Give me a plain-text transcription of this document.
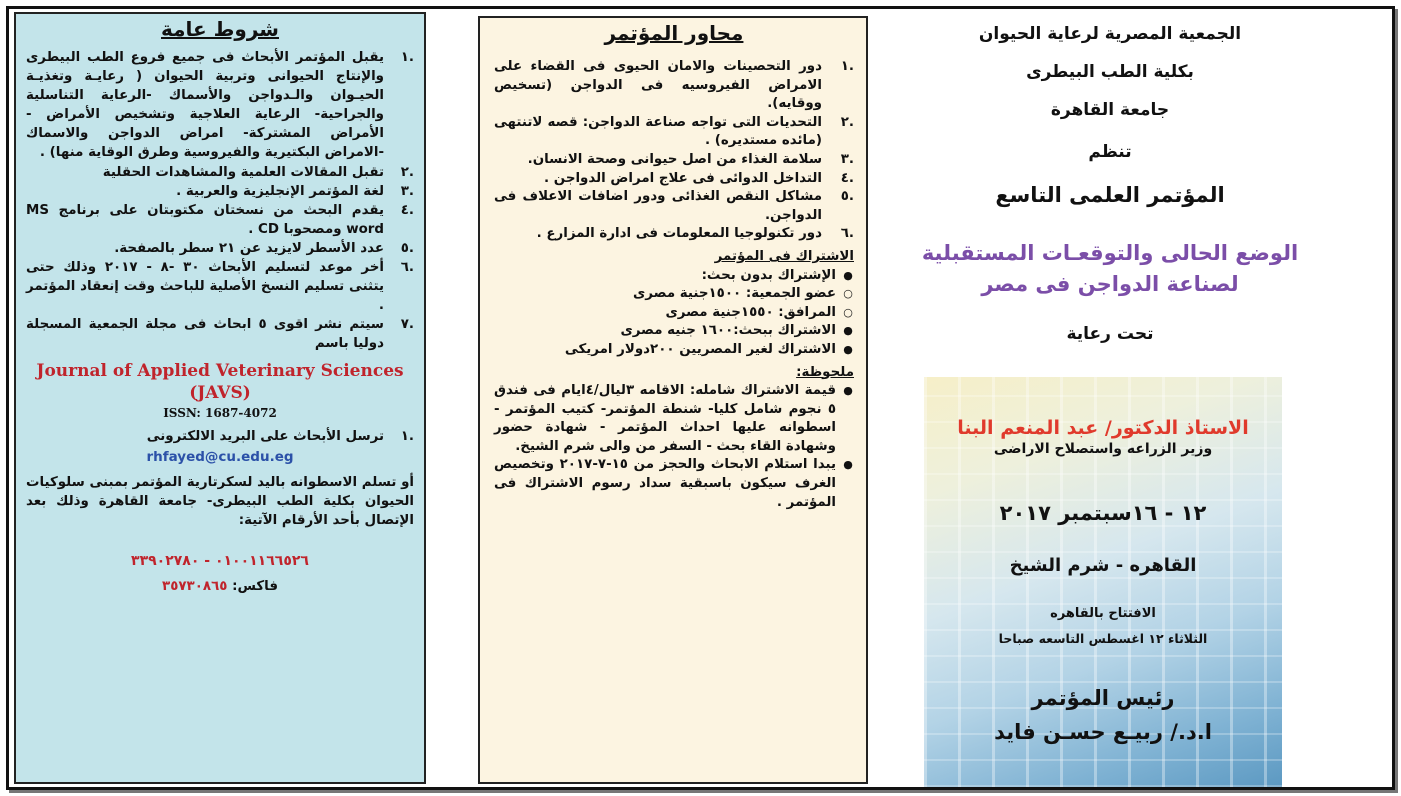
شروط عامة
.١
يقبل المؤتمر الأبحاث فى جميع فروع الطب البيطرى والإنتاج الحيوانى وتربية الحيوان ( رعايـة وتغذيـة الحيـوان والـدواجن والأسماك -الرعاية التناسلية والجراحية- الرعاية العلاجية وتشخيص الأمراض - الأمراض المشتركة- امراض الدواجن والاسماك -الامراض البكتيرية والفيروسية وطرق الوقاية منها) .
.٢
تقبل المقالات العلمية والمشاهدات الحقلية
.٣
لغة المؤتمر الإنجليزية والعربية .
.٤
يقدم البحث من نسختان مكتوبتان على برنامج MS word ومصحوبا CD .
.٥
عدد الأسطر لايزيد عن ٢١ سطر بالصفحة.
.٦
أخر موعد لتسليم الأبحاث ٣٠ -٨ - ٢٠١٧ وذلك حتى يتثنى تسليم النسخ الأصلية للباحث وقت إنعقاد المؤتمر .
.٧
سيتم نشر اقوى ٥ ابحاث فى مجلة الجمعية المسجلة دوليا باسم
Journal of Applied Veterinary Sciences (JAVS)
ISSN: 1687-4072
.١
ترسل الأبحاث على البريد الالكترونى
rhfayed@cu.edu.eg
أو تسلم الاسطوانه باليد لسكرتارية المؤتمر بمبنى سلوكيات الحيوان بكلية الطب البيطرى- جامعة القاهرة وذلك بعد الإتصال بأحد الأرقام الآتية:
٠١٠٠١١٦٦٥٢٦ - ٣٣٩٠٢٧٨٠
فاكس: ٣٥٧٣٠٨٦٥
محاور المؤتمر
.١
دور التحصينات والامان الحيوى فى القضاء على الامراض الفيروسيه فى الدواجن (تسخيص ووقايه).
.٢
التحديات التى تواجه صناعة الدواجن: قصه لاتنتهى (مائده مستديره) .
.٣
سلامة الغذاء من اصل حيوانى وصحة الانسان.
.٤
التداخل الدوائى فى علاج امراض الدواجن .
.٥
مشاكل النقص الغذائى ودور اضافات الاعلاف فى الدواجن.
.٦
دور تكنولوجيا المعلومات فى ادارة المزارع .
الاشتراك فى المؤتمر
●
الإشتراك بدون بحث:
○
عضو الجمعية: ١٥٠٠جنية مصرى
○
المرافق: ١٥٥٠جنية مصرى
●
الاشتراك ببحث:١٦٠٠ جنيه مصرى
●
الاشتراك لغير المصريين ٢٠٠دولار امريكى
ملحوظة:
●
قيمة الاشتراك شامله: الاقامه ٣ليال/٤ايام فى فندق ٥ نجوم شامل كليا- شنطة المؤتمر- كتيب المؤتمر - اسطوانه عليها احداث المؤتمر - شهادة حضور وشهادة القاء بحث - السفر من والى شرم الشيخ.
●
يبدا استلام الابحاث والحجز من ١٥-٧-٢٠١٧ وتخصيص الغرف سيكون باسبقية سداد رسوم الاشتراك فى المؤتمر .
الجمعية المصرية لرعاية الحيوان
بكلية الطب البيطرى
جامعة القاهرة
تنظم
المؤتمر العلمى التاسع
الوضع الحالى والتوقعـات المستقبلية
لصناعة الدواجن فى مصر
تحت رعاية
الاستاذ الدكتور/ عبد المنعم البنا
وزير الزراعه واستصلاح الاراضى
١٢ - ١٦سبتمبر ٢٠١٧
القاهره - شرم الشيخ
الافتتاح بالقاهره
الثلاثاء ١٢ اغسطس التاسعه صباحا
رئيس المؤتمر
ا.د./ ربيـع حسـن فايد
